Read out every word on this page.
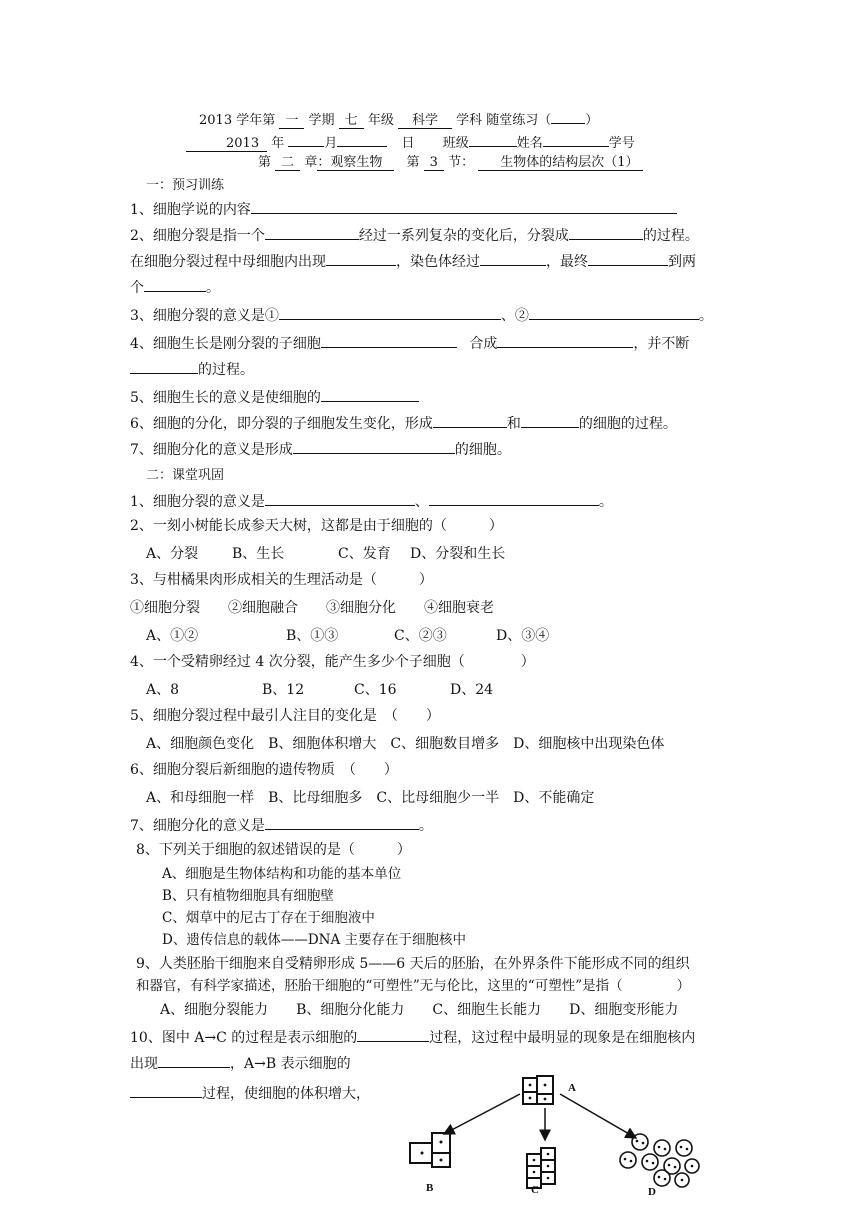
2013 学年第 一 学期 七 年级 科学 学科 随堂练习（	）
2013 年	月	日 班级	姓名	学号
第 二 章：观察生物 第 3 节： 生物体的结构层次（1）
一：预习训练
1、细胞学说的内容
2、细胞分裂是指一个	经过一系列复杂的变化后，分裂成	的过程。
在细胞分裂过程中母细胞内出现	，染色体经过	，最终	到两
个	。
3、细胞分裂的意义是①	、②	。
4、细胞生长是刚分裂的子细胞	合成	，并不断
的过程。
5、细胞生长的意义是使细胞的
6、细胞的分化，即分裂的子细胞发生变化，形成	和	的细胞的过程。
7、细胞分化的意义是形成	的细胞。
二：课堂巩固
1、细胞分裂的意义是	、	。
2、一刻小树能长成参天大树，这都是由于细胞的（　　　）
A、分裂 B、生长	C、发育 D、分裂和生长
3、与柑橘果肉形成相关的生理活动是（　　　）
①细胞分裂　　②细胞融合　　③细胞分化　　④细胞衰老
A、①②	B、①③	C、②③	D、③④
4、一个受精卵经过 4 次分裂，能产生多少个子细胞（　　　　）
A、8	B、12	C、16	D、24
5、细胞分裂过程中最引人注目的变化是　（　　）
A、细胞颜色变化　B、细胞体积增大　C、细胞数目增多　D、细胞核中出现染色体
6、细胞分裂后新细胞的遗传物质　（　　）
A、和母细胞一样　B、比母细胞多　C、比母细胞少一半　D、不能确定
7、细胞分化的意义是	。
8、下列关于细胞的叙述错误的是（　　　）
A、细胞是生物体结构和功能的基本单位
B、只有植物细胞具有细胞壁
C、烟草中的尼古丁存在于细胞液中
D、遗传信息的载体——DNA 主要存在于细胞核中
9、人类胚胎干细胞来自受精卵形成 5——6 天后的胚胎，在外界条件下能形成不同的组织
和器官，有科学家描述，胚胎干细胞的“可塑性”无与伦比，这里的“可塑性”是指（　　　　）
A、细胞分裂能力　　B、细胞分化能力　　C、细胞生长能力　　D、细胞变形能力
10、图中 A→C 的过程是表示细胞的	过程，这过程中最明显的现象是在细胞核内
出现	，A→B 表示细胞的
过程，使细胞的体积增大，	A
B	C	D
